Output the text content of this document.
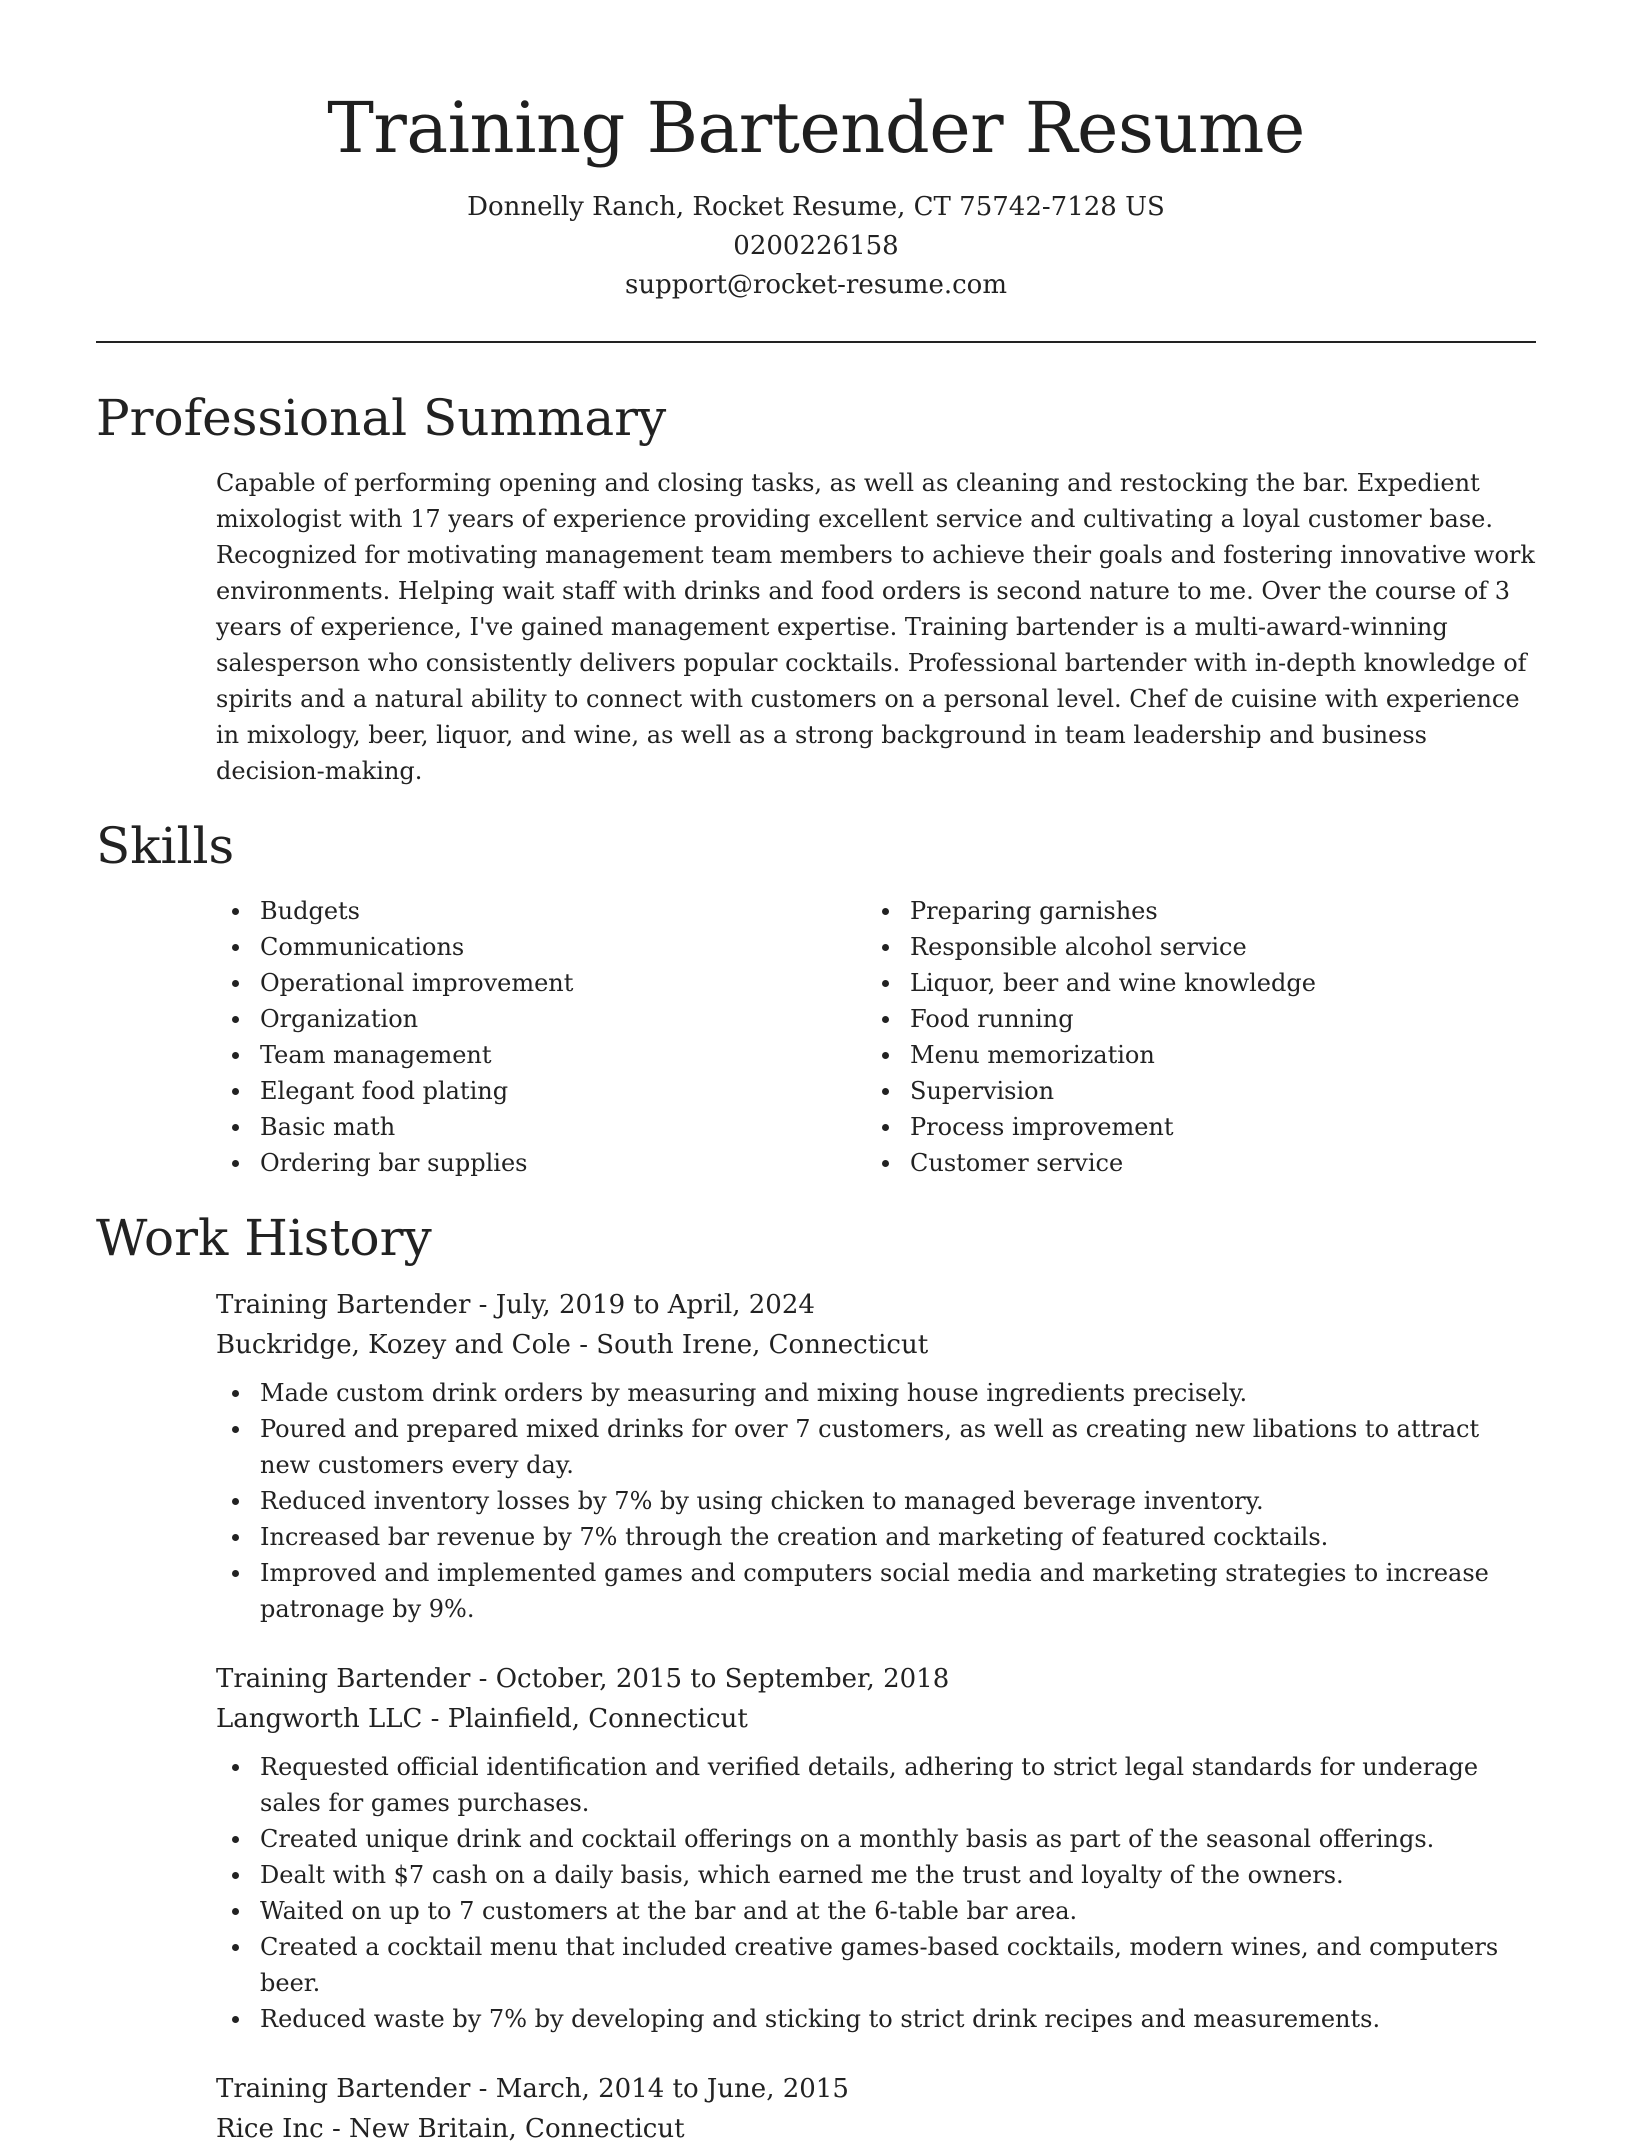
Training Bartender Resume

Donnelly Ranch, Rocket Resume, CT 75742-7128 US

0200226158

support@rocket-resume.com

Professional Summary

Capable of performing opening and closing tasks, as well as cleaning and restocking the bar. Expedient mixologist with 17 years of experience providing excellent service and cultivating a loyal customer base. Recognized for motivating management team members to achieve their goals and fostering innovative work environments. Helping wait staff with drinks and food orders is second nature to me. Over the course of 3 years of experience, I've gained management expertise. Training bartender is a multi-award-winning salesperson who consistently delivers popular cocktails. Professional bartender with in-depth knowledge of spirits and a natural ability to connect with customers on a personal level. Chef de cuisine with experience in mixology, beer, liquor, and wine, as well as a strong background in team leadership and business decision-making.

Skills
Budgets
Communications
Operational improvement
Organization
Team management
Elegant food plating
Basic math
Ordering bar supplies
Preparing garnishes
Responsible alcohol service
Liquor, beer and wine knowledge
Food running
Menu memorization
Supervision
Process improvement
Customer service
Work History

Training Bartender - July, 2019 to April, 2024

Buckridge, Kozey and Cole - South Irene, Connecticut

Made custom drink orders by measuring and mixing house ingredients precisely.
Poured and prepared mixed drinks for over 7 customers, as well as creating new libations to attract new customers every day.
Reduced inventory losses by 7% by using chicken to managed beverage inventory.
Increased bar revenue by 7% through the creation and marketing of featured cocktails.
Improved and implemented games and computers social media and marketing strategies to increase patronage by 9%.

Training Bartender - October, 2015 to September, 2018

Langworth LLC - Plainfield, Connecticut

Requested official identification and verified details, adhering to strict legal standards for underage sales for games purchases.
Created unique drink and cocktail offerings on a monthly basis as part of the seasonal offerings.
Dealt with $7 cash on a daily basis, which earned me the trust and loyalty of the owners.
Waited on up to 7 customers at the bar and at the 6-table bar area.
Created a cocktail menu that included creative games-based cocktails, modern wines, and computers beer.
Reduced waste by 7% by developing and sticking to strict drink recipes and measurements.

Training Bartender - March, 2014 to June, 2015

Rice Inc - New Britain, Connecticut
